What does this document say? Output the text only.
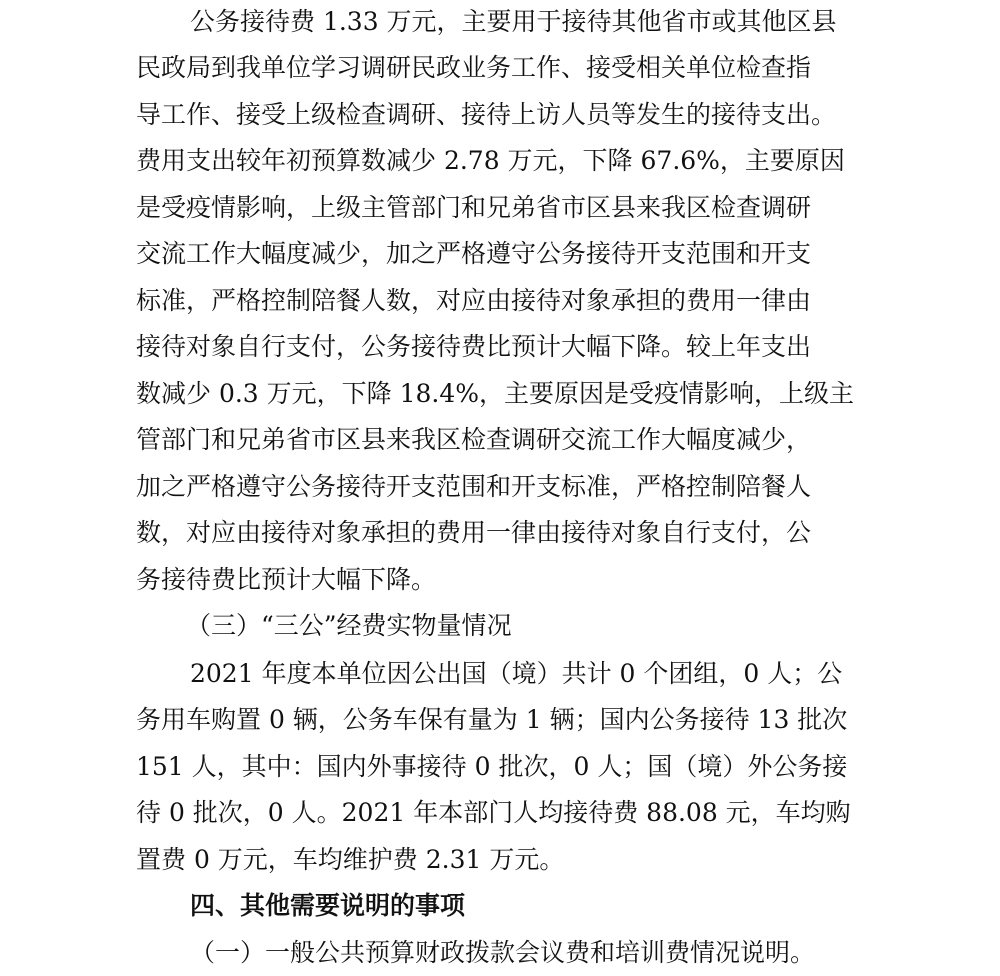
公务接待费 1.33 万元，主要用于接待其他省市或其他区县
民政局到我单位学习调研民政业务工作、接受相关单位检查指
导工作、接受上级检查调研、接待上访人员等发生的接待支出。
费用支出较年初预算数减少 2.78 万元，下降 67.6%，主要原因
是受疫情影响，上级主管部门和兄弟省市区县来我区检查调研
交流工作大幅度减少，加之严格遵守公务接待开支范围和开支
标准，严格控制陪餐人数，对应由接待对象承担的费用一律由
接待对象自行支付，公务接待费比预计大幅下降。较上年支出
数减少 0.3 万元，下降 18.4%，主要原因是受疫情影响，上级主
管部门和兄弟省市区县来我区检查调研交流工作大幅度减少，
加之严格遵守公务接待开支范围和开支标准，严格控制陪餐人
数，对应由接待对象承担的费用一律由接待对象自行支付，公
务接待费比预计大幅下降。
（三）“三公”经费实物量情况
2021 年度本单位因公出国（境）共计 0 个团组，0 人；公
务用车购置 0 辆，公务车保有量为 1 辆；国内公务接待 13 批次
151 人，其中：国内外事接待 0 批次，0 人；国（境）外公务接
待 0 批次，0 人。2021 年本部门人均接待费 88.08 元，车均购
置费 0 万元，车均维护费 2.31 万元。
四、其他需要说明的事项
（一）一般公共预算财政拨款会议费和培训费情况说明。
